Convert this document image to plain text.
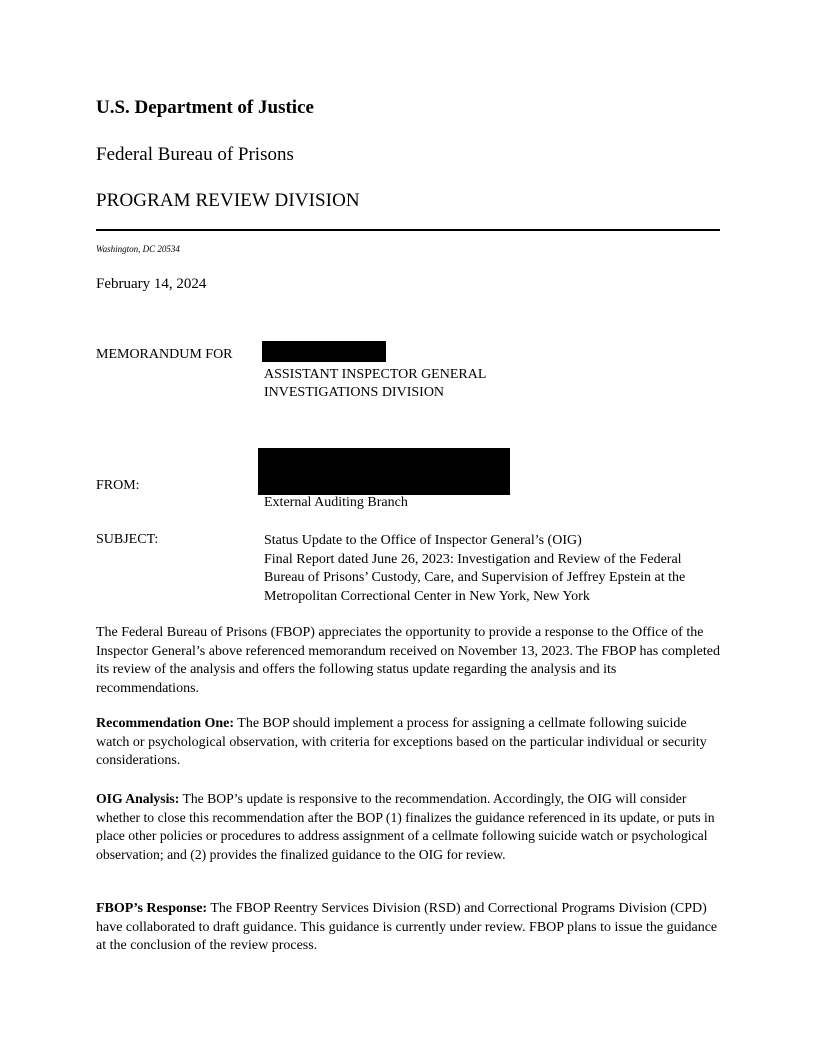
U.S. Department of Justice
Federal Bureau of Prisons
PROGRAM REVIEW DIVISION
Washington, DC 20534
February 14, 2024
MEMORANDUM FOR
ASSISTANT INSPECTOR GENERAL
INVESTIGATIONS DIVISION
FROM:
External Auditing Branch
SUBJECT:	Status Update to the Office of Inspector General’s (OIG)
Final Report dated June 26, 2023: Investigation and Review of the Federal
Bureau of Prisons’ Custody, Care, and Supervision of Jeffrey Epstein at the
Metropolitan Correctional Center in New York, New York
The Federal Bureau of Prisons (FBOP) appreciates the opportunity to provide a response to the Office of the Inspector General’s above referenced memorandum received on November 13, 2023. The FBOP has completed its review of the analysis and offers the following status update regarding the analysis and its recommendations.
Recommendation One: The BOP should implement a process for assigning a cellmate following suicide watch or psychological observation, with criteria for exceptions based on the particular individual or security considerations.
OIG Analysis: The BOP’s update is responsive to the recommendation. Accordingly, the OIG will consider whether to close this recommendation after the BOP (1) finalizes the guidance referenced in its update, or puts in place other policies or procedures to address assignment of a cellmate following suicide watch or psychological observation; and (2) provides the finalized guidance to the OIG for review.
FBOP’s Response: The FBOP Reentry Services Division (RSD) and Correctional Programs Division (CPD) have collaborated to draft guidance. This guidance is currently under review. FBOP plans to issue the guidance at the conclusion of the review process.
